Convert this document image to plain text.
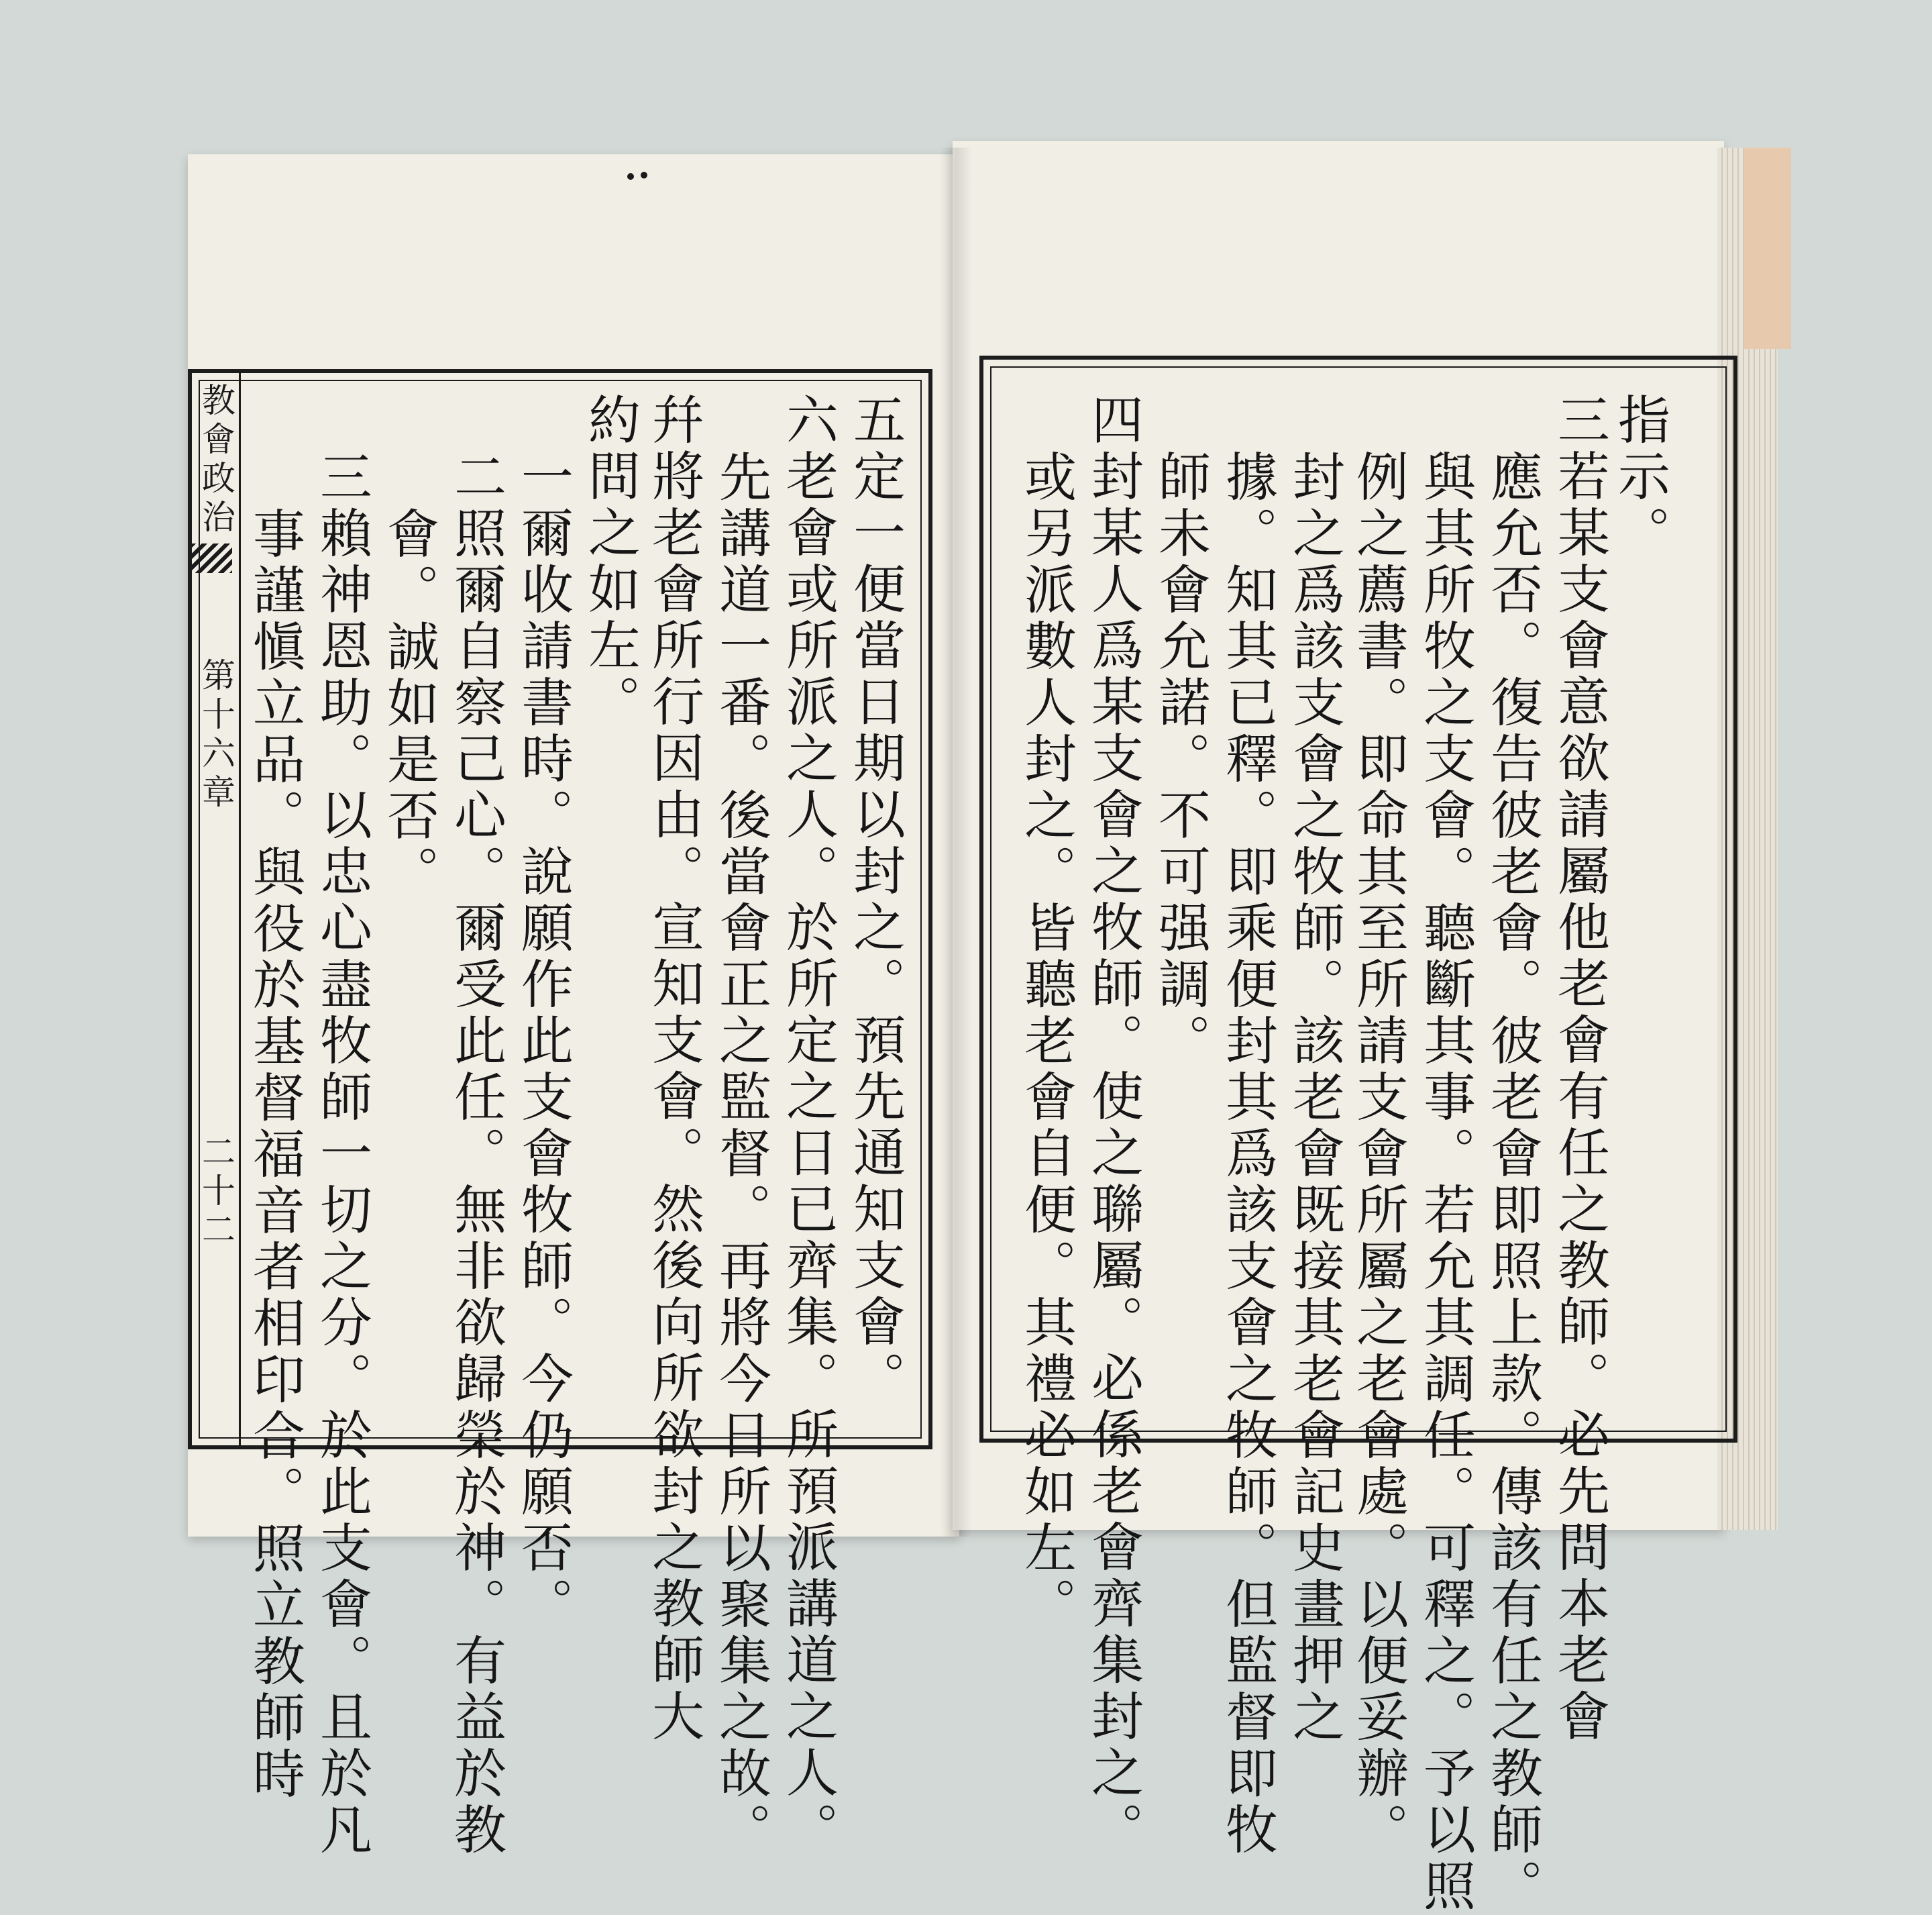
教會政治
第十六章
二十二
指示。
三若某支會意欲請屬他老會有任之教師。必先問本老會
應允否。復告彼老會。彼老會即照上款。傳該有任之教師。
與其所牧之支會。聽斷其事。若允其調任。可釋之。予以照
例之薦書。即命其至所請支會所屬之老會處。以便妥辦。
封之爲該支會之牧師。該老會既接其老會記史畫押之
據。知其已釋。即乘便封其爲該支會之牧師。但監督即牧
師未會允諾。不可强調。
四封某人爲某支會之牧師。使之聯屬。必係老會齊集封之。
或另派數人封之。皆聽老會自便。其禮必如左。
五定一便當日期以封之。預先通知支會。
六老會或所派之人。於所定之日已齊集。所預派講道之人。
先講道一番。後當會正之監督。再將今日所以聚集之故。
幷將老會所行因由。宣知支會。然後向所欲封之教師大
約問之如左。
一爾收請書時。說願作此支會牧師。今仍願否。
二照爾自察己心。爾受此任。無非欲歸榮於神。有益於教
會。誠如是否。
三賴神恩助。以忠心盡牧師一切之分。於此支會。且於凡
事謹愼立品。與役於基督福音者相印合。照立教師時
